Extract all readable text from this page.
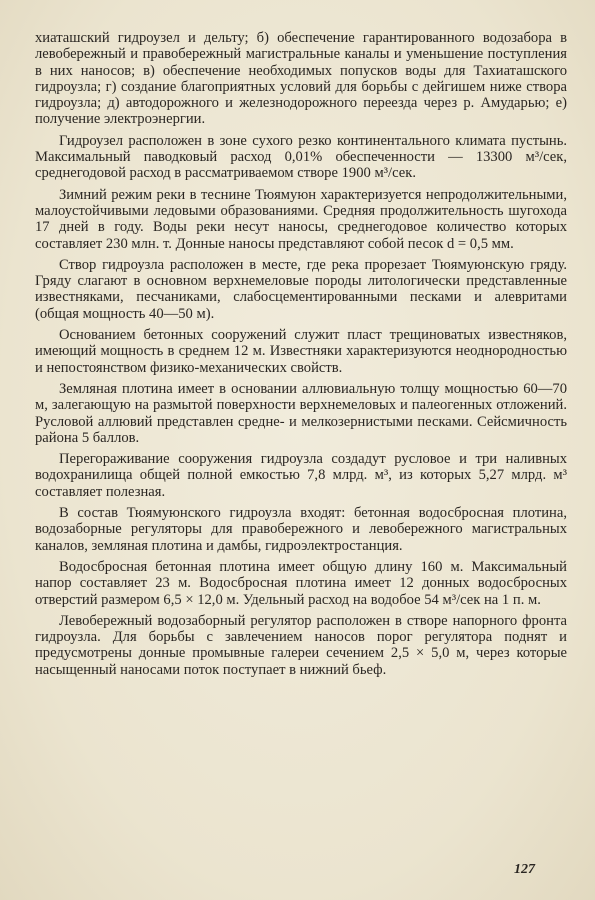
хиаташский гидроузел и дельту; б) обеспечение гарантированного водозабора в левобережный и правобережный магистральные каналы и уменьшение поступления в них наносов; в) обеспечение необходимых попусков воды для Тахиаташского гидроузла; г) создание благоприятных условий для борьбы с дейгишем ниже створа гидроузла; д) автодорожного и железнодорожного переезда через р. Амударью; е) получение электроэнергии.

Гидроузел расположен в зоне сухого резко континентального климата пустынь. Максимальный паводковый расход 0,01% обеспеченности — 13300 м³/сек, среднегодовой расход в рассматриваемом створе 1900 м³/сек.

Зимний режим реки в теснине Тюямуюн характеризуется непродолжительными, малоустойчивыми ледовыми образованиями. Средняя продолжительность шугохода 17 дней в году. Воды реки несут наносы, среднегодовое количество которых составляет 230 млн. т. Донные наносы представляют собой песок d = 0,5 мм.

Створ гидроузла расположен в месте, где река прорезает Тюямуюнскую гряду. Гряду слагают в основном верхнемеловые породы литологически представленные известняками, песчаниками, слабосцементированными песками и алевритами (общая мощность 40—50 м).

Основанием бетонных сооружений служит пласт трещиноватых известняков, имеющий мощность в среднем 12 м. Известняки характеризуются неоднородностью и непостоянством физико-механических свойств.

Земляная плотина имеет в основании аллювиальную толщу мощностью 60—70 м, залегающую на размытой поверхности верхнемеловых и палеогенных отложений. Русловой аллювий представлен средне- и мелкозернистыми песками. Сейсмичность района 5 баллов.

Перегораживание сооружения гидроузла создадут русловое и три наливных водохранилища общей полной емкостью 7,8 млрд. м³, из которых 5,27 млрд. м³ составляет полезная.

В состав Тюямуюнского гидроузла входят: бетонная водосбросная плотина, водозаборные регуляторы для правобережного и левобережного магистральных каналов, земляная плотина и дамбы, гидроэлектростанция.

Водосбросная бетонная плотина имеет общую длину 160 м. Максимальный напор составляет 23 м. Водосбросная плотина имеет 12 донных водосбросных отверстий размером 6,5 × 12,0 м. Удельный расход на водобое 54 м³/сек на 1 п. м.

Левобережный водозаборный регулятор расположен в створе напорного фронта гидроузла. Для борьбы с завлечением наносов порог регулятора поднят и предусмотрены донные промывные галереи сечением 2,5 × 5,0 м, через которые насыщенный наносами поток поступает в нижний бьеф.

127
